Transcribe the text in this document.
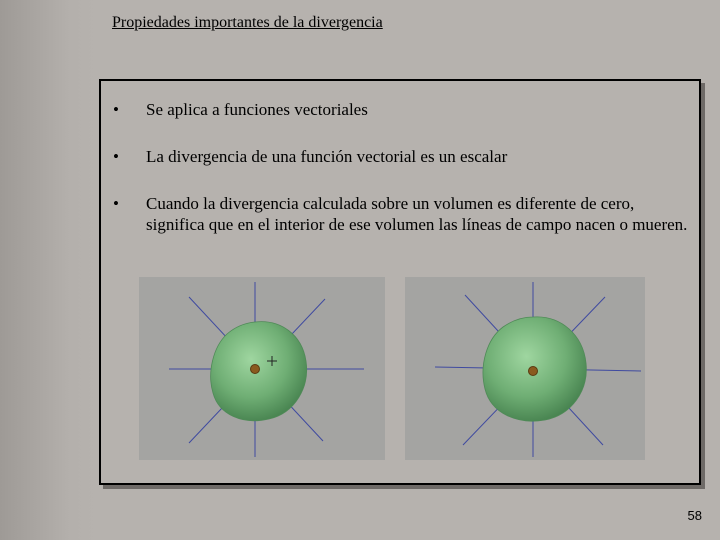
Propiedades importantes de la divergencia
•	Se aplica a funciones vectoriales
•	La divergencia de una función vectorial es un escalar
•	Cuando la divergencia calculada sobre un volumen es diferente de cero, significa que en el interior de ese volumen las líneas de campo nacen o mueren.
58
